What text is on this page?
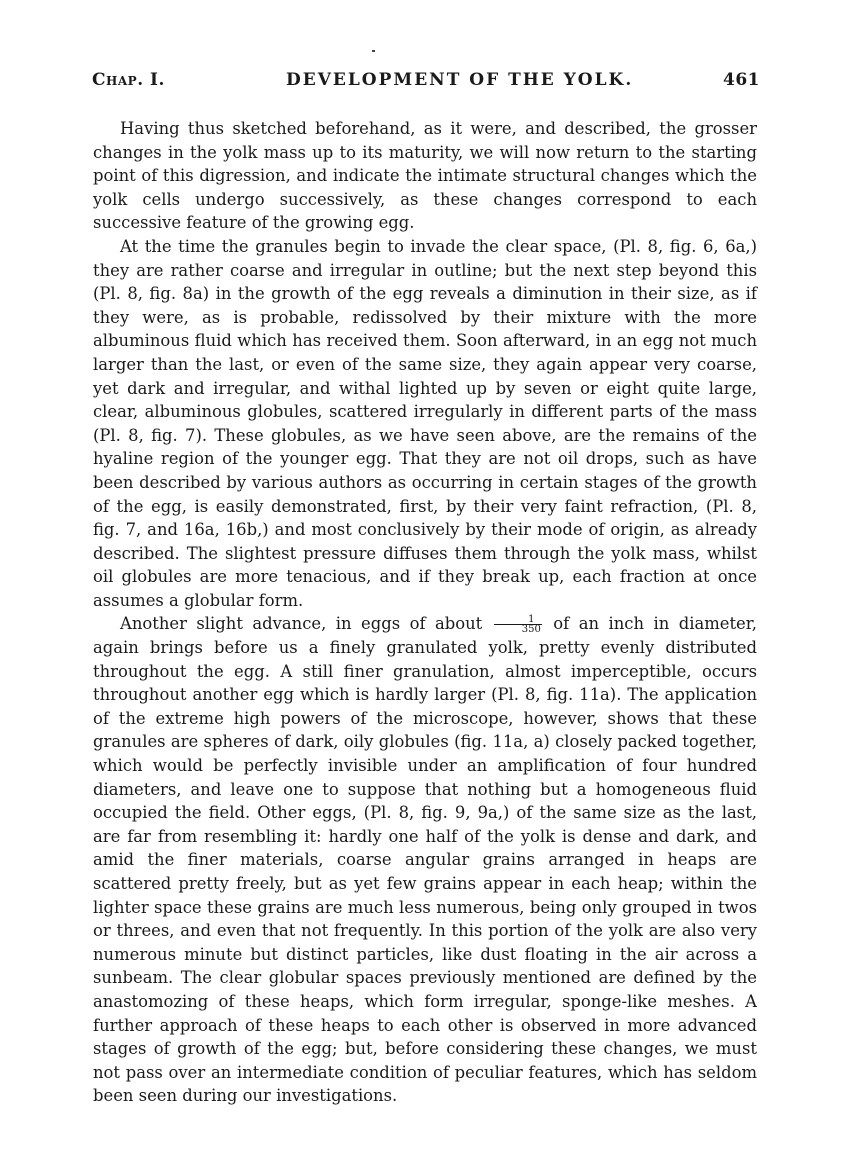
Chap. I.	DEVELOPMENT OF THE YOLK.	461

Having thus sketched beforehand, as it were, and described, the grosser changes in the yolk mass up to its maturity, we will now return to the starting point of this digression, and indicate the intimate structural changes which the yolk cells undergo successively, as these changes correspond to each successive feature of the growing egg.

At the time the granules begin to invade the clear space, (Pl. 8, fig. 6, 6a,) they are rather coarse and irregular in outline; but the next step beyond this (Pl. 8, fig. 8a) in the growth of the egg reveals a diminution in their size, as if they were, as is probable, redissolved by their mixture with the more albuminous fluid which has received them. Soon afterward, in an egg not much larger than the last, or even of the same size, they again appear very coarse, yet dark and irregular, and withal lighted up by seven or eight quite large, clear, albuminous globules, scattered irregularly in different parts of the mass (Pl. 8, fig. 7). These globules, as we have seen above, are the remains of the hyaline region of the younger egg. That they are not oil drops, such as have been described by various authors as occurring in certain stages of the growth of the egg, is easily demonstrated, first, by their very faint refraction, (Pl. 8, fig. 7, and 16a, 16b,) and most conclusively by their mode of origin, as already described. The slightest pressure diffuses them through the yolk mass, whilst oil globules are more tenacious, and if they break up, each fraction at once assumes a globular form.

Another slight advance, in eggs of about $\frac{1}{350}$ of an inch in diameter, again brings before us a finely granulated yolk, pretty evenly distributed throughout the egg. A still finer granulation, almost imperceptible, occurs throughout another egg which is hardly larger (Pl. 8, fig. 11a). The application of the extreme high powers of the microscope, however, shows that these granules are spheres of dark, oily globules (fig. 11a, a) closely packed together, which would be perfectly invisible under an amplification of four hundred diameters, and leave one to suppose that nothing but a homogeneous fluid occupied the field. Other eggs, (Pl. 8, fig. 9, 9a,) of the same size as the last, are far from resembling it: hardly one half of the yolk is dense and dark, and amid the finer materials, coarse angular grains arranged in heaps are scattered pretty freely, but as yet few grains appear in each heap; within the lighter space these grains are much less numerous, being only grouped in twos or threes, and even that not frequently. In this portion of the yolk are also very numerous minute but distinct particles, like dust floating in the air across a sunbeam. The clear globular spaces previously mentioned are defined by the anastomozing of these heaps, which form irregular, sponge-like meshes. A further approach of these heaps to each other is observed in more advanced stages of growth of the egg; but, before considering these changes, we must not pass over an intermediate condition of peculiar features, which has seldom been seen during our investigations.
